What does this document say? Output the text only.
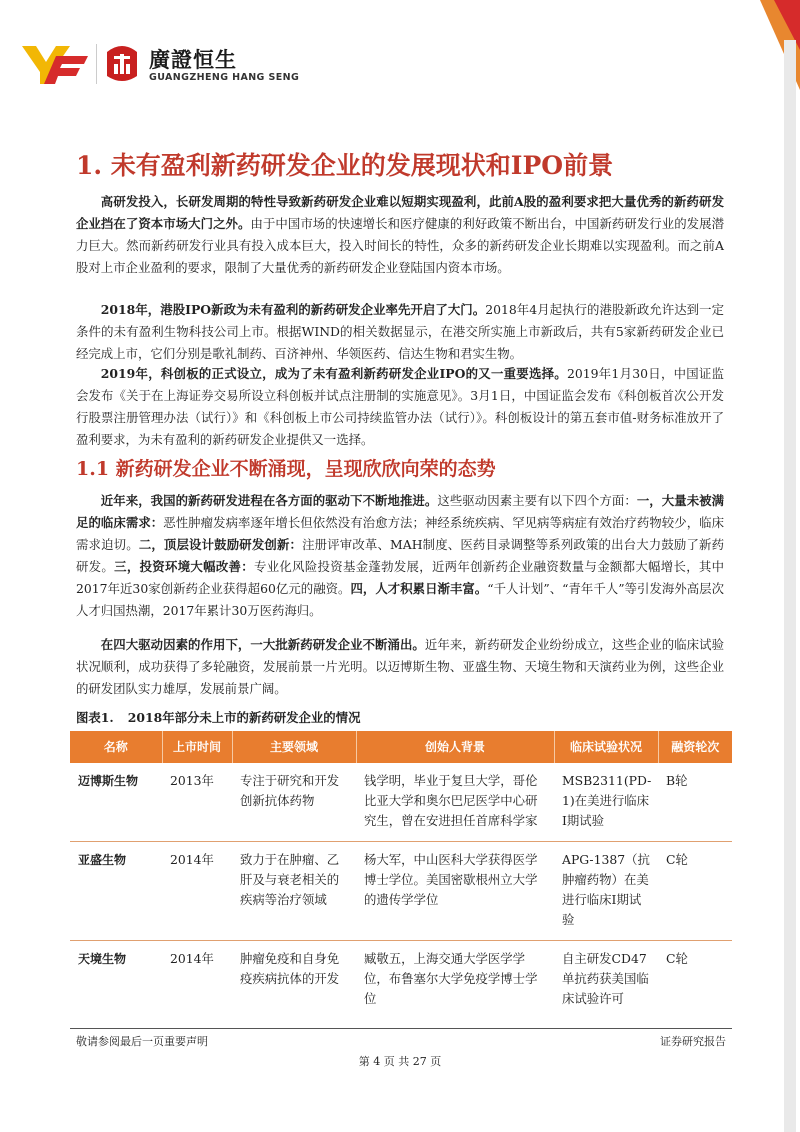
廣證恒生
GUANGZHENG HANG SENG
1. 未有盈利新药研发企业的发展现状和IPO前景

高研发投入，长研发周期的特性导致新药研发企业难以短期实现盈利，此前A股的盈利要求把大量优秀的新药研发企业挡在了资本市场大门之外。由于中国市场的快速增长和医疗健康的利好政策不断出台，中国新药研发行业的发展潜力巨大。然而新药研发行业具有投入成本巨大，投入时间长的特性，众多的新药研发企业长期难以实现盈利。而之前A股对上市企业盈利的要求，限制了大量优秀的新药研发企业登陆国内资本市场。

2018年，港股IPO新政为未有盈利的新药研发企业率先开启了大门。2018年4月起执行的港股新政允许达到一定条件的未有盈利生物科技公司上市。根据WIND的相关数据显示，在港交所实施上市新政后，共有5家新药研发企业已经完成上市，它们分别是歌礼制药、百济神州、华领医药、信达生物和君实生物。

2019年，科创板的正式设立，成为了未有盈利新药研发企业IPO的又一重要选择。2019年1月30日，中国证监会发布《关于在上海证券交易所设立科创板并试点注册制的实施意见》。3月1日，中国证监会发布《科创板首次公开发行股票注册管理办法（试行）》和《科创板上市公司持续监管办法（试行）》。科创板设计的第五套市值-财务标准放开了盈利要求，为未有盈利的新药研发企业提供又一选择。

1.1 新药研发企业不断涌现，呈现欣欣向荣的态势

近年来，我国的新药研发进程在各方面的驱动下不断地推进。这些驱动因素主要有以下四个方面：一，大量未被满足的临床需求：恶性肿瘤发病率逐年增长但依然没有治愈方法；神经系统疾病、罕见病等病症有效治疗药物较少，临床需求迫切。二，顶层设计鼓励研发创新：注册评审改革、MAH制度、医药目录调整等系列政策的出台大力鼓励了新药研发。三，投资环境大幅改善：专业化风险投资基金蓬勃发展，近两年创新药企业融资数量与金额都大幅增长，其中2017年近30家创新药企业获得超60亿元的融资。四，人才积累日渐丰富。“千人计划”、“青年千人”等引发海外高层次人才归国热潮，2017年累计30万医药海归。

在四大驱动因素的作用下，一大批新药研发企业不断涌出。近年来，新药研发企业纷纷成立，这些企业的临床试验状况顺利，成功获得了多轮融资，发展前景一片光明。以迈博斯生物、亚盛生物、天境生物和天演药业为例，这些企业的研发团队实力雄厚，发展前景广阔。

图表1. 2018年部分未上市的新药研发企业的情况
名称	上市时间	主要领域	创始人背景	临床试验状况	融资轮次
迈博斯生物	2013年	专注于研究和开发创新抗体药物	钱学明，毕业于复旦大学，哥伦比亚大学和奥尔巴尼医学中心研究生，曾在安进担任首席科学家	MSB2311(PD-1)在美进行临床I期试验	B轮
亚盛生物	2014年	致力于在肿瘤、乙肝及与衰老相关的疾病等治疗领域	杨大军，中山医科大学获得医学博士学位。美国密歇根州立大学的遗传学学位	APG-1387（抗肿瘤药物）在美进行临床I期试验	C轮
天境生物	2014年	肿瘤免疫和自身免疫疾病抗体的开发	臧敬五，上海交通大学医学学位，布鲁塞尔大学免疫学博士学位	自主研发CD47单抗药获美国临床试验许可	C轮
敬请参阅最后一页重要声明
第 4 页 共 27 页
证券研究报告
